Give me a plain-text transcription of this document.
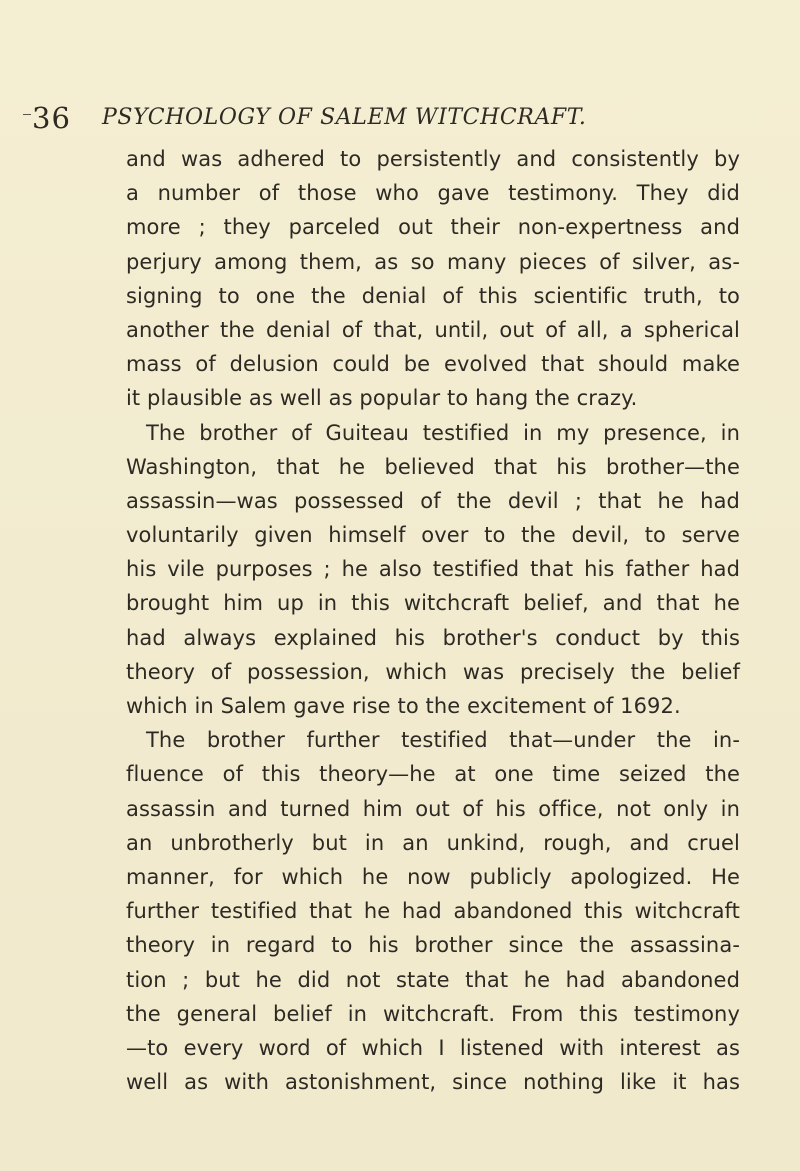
36 PSYCHOLOGY OF SALEM WITCHCRAFT.
and was adhered to persistently and consistently by
a number of those who gave testimony. They did
more ; they parceled out their non-expertness and
perjury among them, as so many pieces of silver, as-
signing to one the denial of this scientific truth, to
another the denial of that, until, out of all, a spherical
mass of delusion could be evolved that should make
it plausible as well as popular to hang the crazy.
The brother of Guiteau testified in my presence, in
Washington, that he believed that his brother—the
assassin—was possessed of the devil ; that he had
voluntarily given himself over to the devil, to serve
his vile purposes ; he also testified that his father had
brought him up in this witchcraft belief, and that he
had always explained his brother's conduct by this
theory of possession, which was precisely the belief
which in Salem gave rise to the excitement of 1692.
The brother further testified that—under the in-
fluence of this theory—he at one time seized the
assassin and turned him out of his office, not only in
an unbrotherly but in an unkind, rough, and cruel
manner, for which he now publicly apologized. He
further testified that he had abandoned this witchcraft
theory in regard to his brother since the assassina-
tion ; but he did not state that he had abandoned
the general belief in witchcraft. From this testimony
—to every word of which I listened with interest as
well as with astonishment, since nothing like it has
